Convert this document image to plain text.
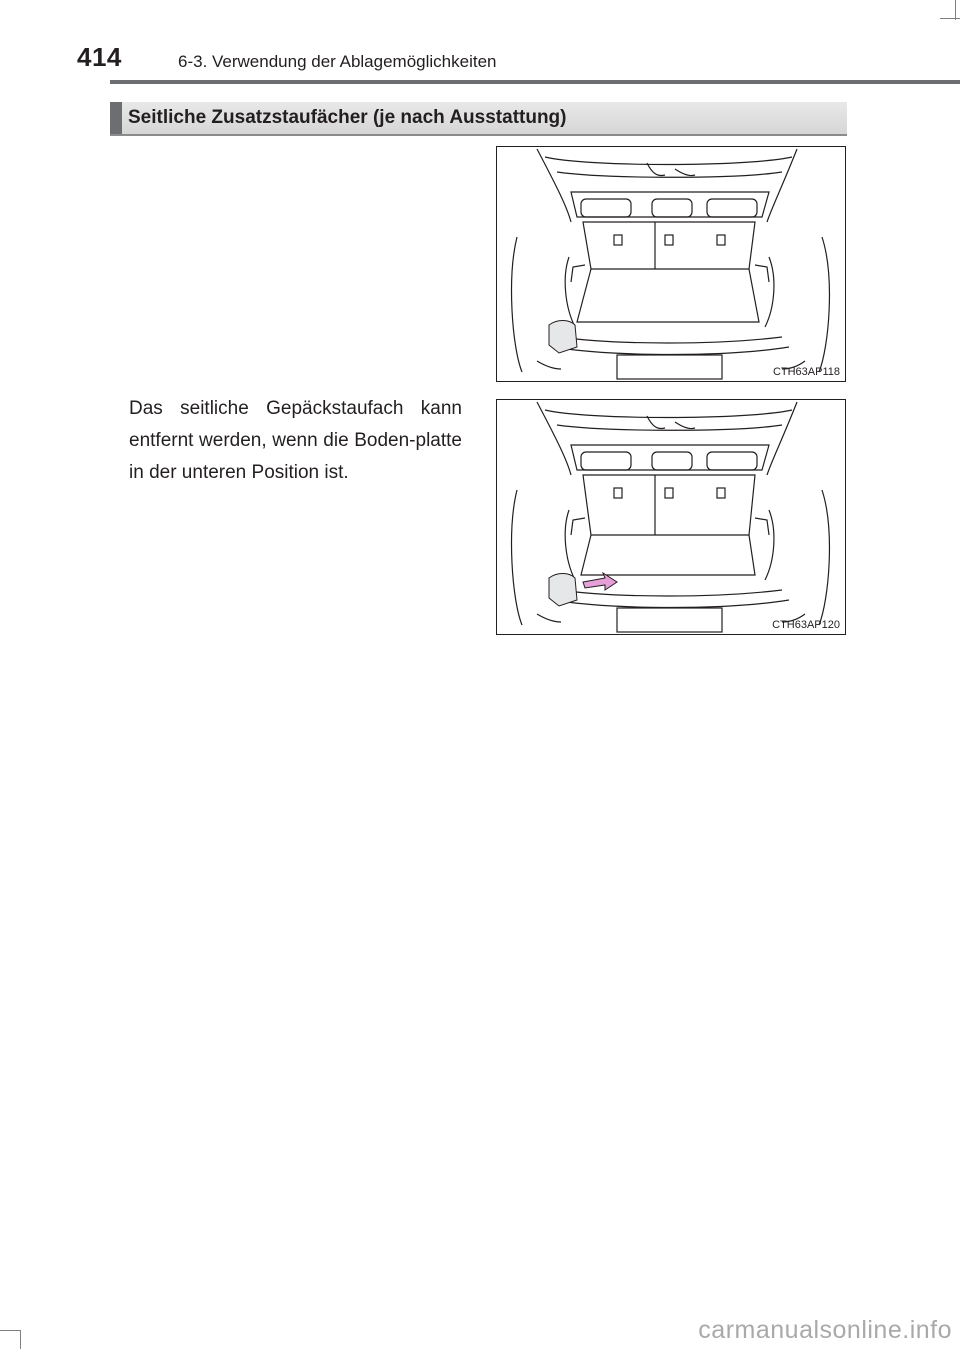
414	6-3. Verwendung der Ablagemöglichkeiten
Seitliche Zusatzstaufächer (je nach Ausstattung)
Das seitliche Gepäckstaufach kann entfernt werden, wenn die Boden-platte in der unteren Position ist.
CTH63AP118
CTH63AP120
carmanualsonline.info
